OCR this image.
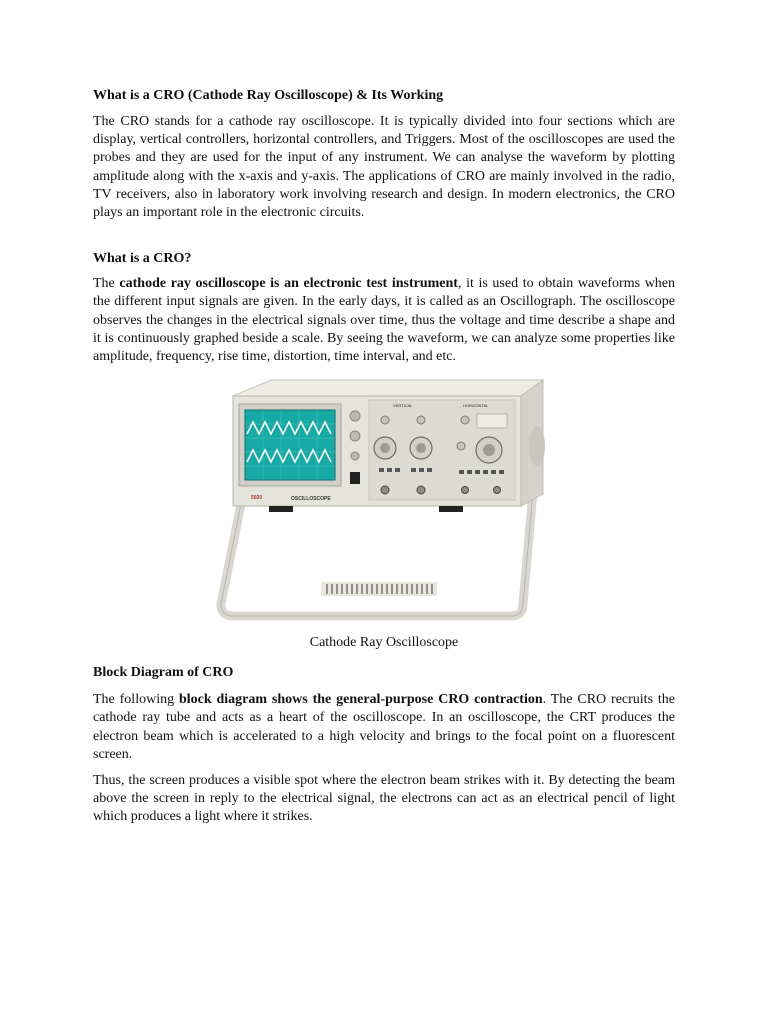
What is a CRO (Cathode Ray Oscilloscope) & Its Working

The CRO stands for a cathode ray oscilloscope. It is typically divided into four sections which are display, vertical controllers, horizontal controllers, and Triggers. Most of the oscilloscopes are used the probes and they are used for the input of any instrument. We can analyse the waveform by plotting amplitude along with the x-axis and y-axis. The applications of CRO are mainly involved in the radio, TV receivers, also in laboratory work involving research and design. In modern electronics, the CRO plays an important role in the electronic circuits.

What is a CRO?

The cathode ray oscilloscope is an electronic test instrument, it is used to obtain waveforms when the different input signals are given. In the early days, it is called as an Oscillograph. The oscilloscope observes the changes in the electrical signals over time, thus the voltage and time describe a shape and it is continuously graphed beside a scale. By seeing the waveform, we can analyze some properties like amplitude, frequency, rise time, distortion, time interval, and etc.

5020	OSCILLOSCOPE
VERTICAL	HORIZONTAL
Cathode Ray Oscilloscope
Block Diagram of CRO

The following block diagram shows the general-purpose CRO contraction. The CRO recruits the cathode ray tube and acts as a heart of the oscilloscope. In an oscilloscope, the CRT produces the electron beam which is accelerated to a high velocity and brings to the focal point on a fluorescent screen.

Thus, the screen produces a visible spot where the electron beam strikes with it. By detecting the beam above the screen in reply to the electrical signal, the electrons can act as an electrical pencil of light which produces a light where it strikes.
